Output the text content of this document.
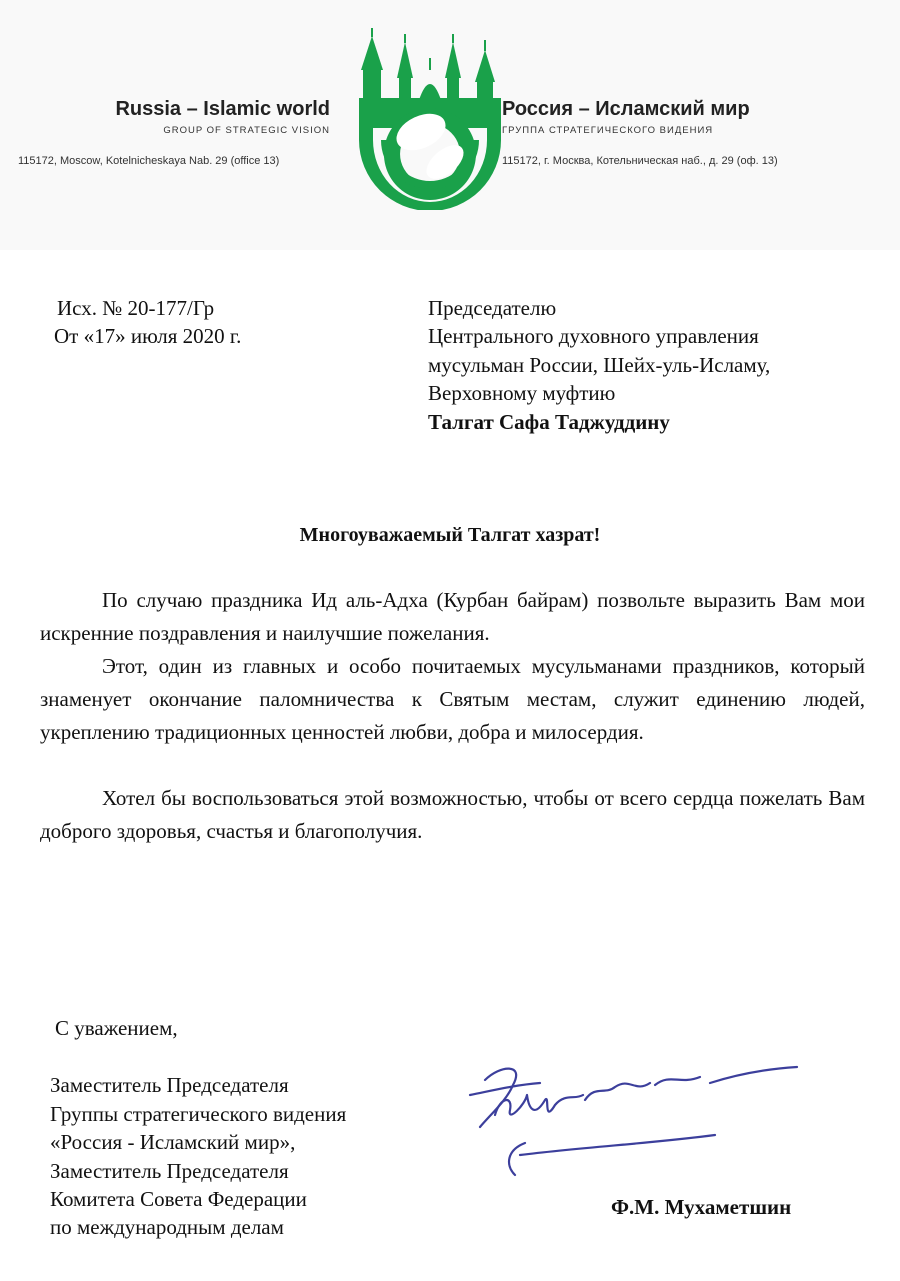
Russia – Islamic world
GROUP OF STRATEGIC VISION
115172, Moscow, Kotelnicheskaya Nab. 29 (office 13)
Россия – Исламский мир
ГРУППА СТРАТЕГИЧЕСКОГО ВИДЕНИЯ
115172, г. Москва, Котельническая наб., д. 29 (оф. 13)
Исх. № 20-177/Гр
От «17» июля 2020 г.
Председателю
Центрального духовного управления
мусульман России, Шейх-уль-Исламу,
Верховному муфтию
Талгат Сафа Таджуддину
Многоуважаемый Талгат хазрат!
По случаю праздника Ид аль-Адха (Курбан байрам) позвольте выразить Вам мои искренние поздравления и наилучшие пожелания.
Этот, один из главных и особо почитаемых мусульманами праздников, который знаменует окончание паломничества к Святым местам, служит единению людей, укреплению традиционных ценностей любви, добра и милосердия.
Хотел бы воспользоваться этой возможностью, чтобы от всего сердца пожелать Вам доброго здоровья, счастья и благополучия.
С уважением,
Заместитель Председателя
Группы стратегического видения
«Россия - Исламский мир»,
Заместитель Председателя
Комитета Совета Федерации
по международным делам
Ф.М. Мухаметшин
